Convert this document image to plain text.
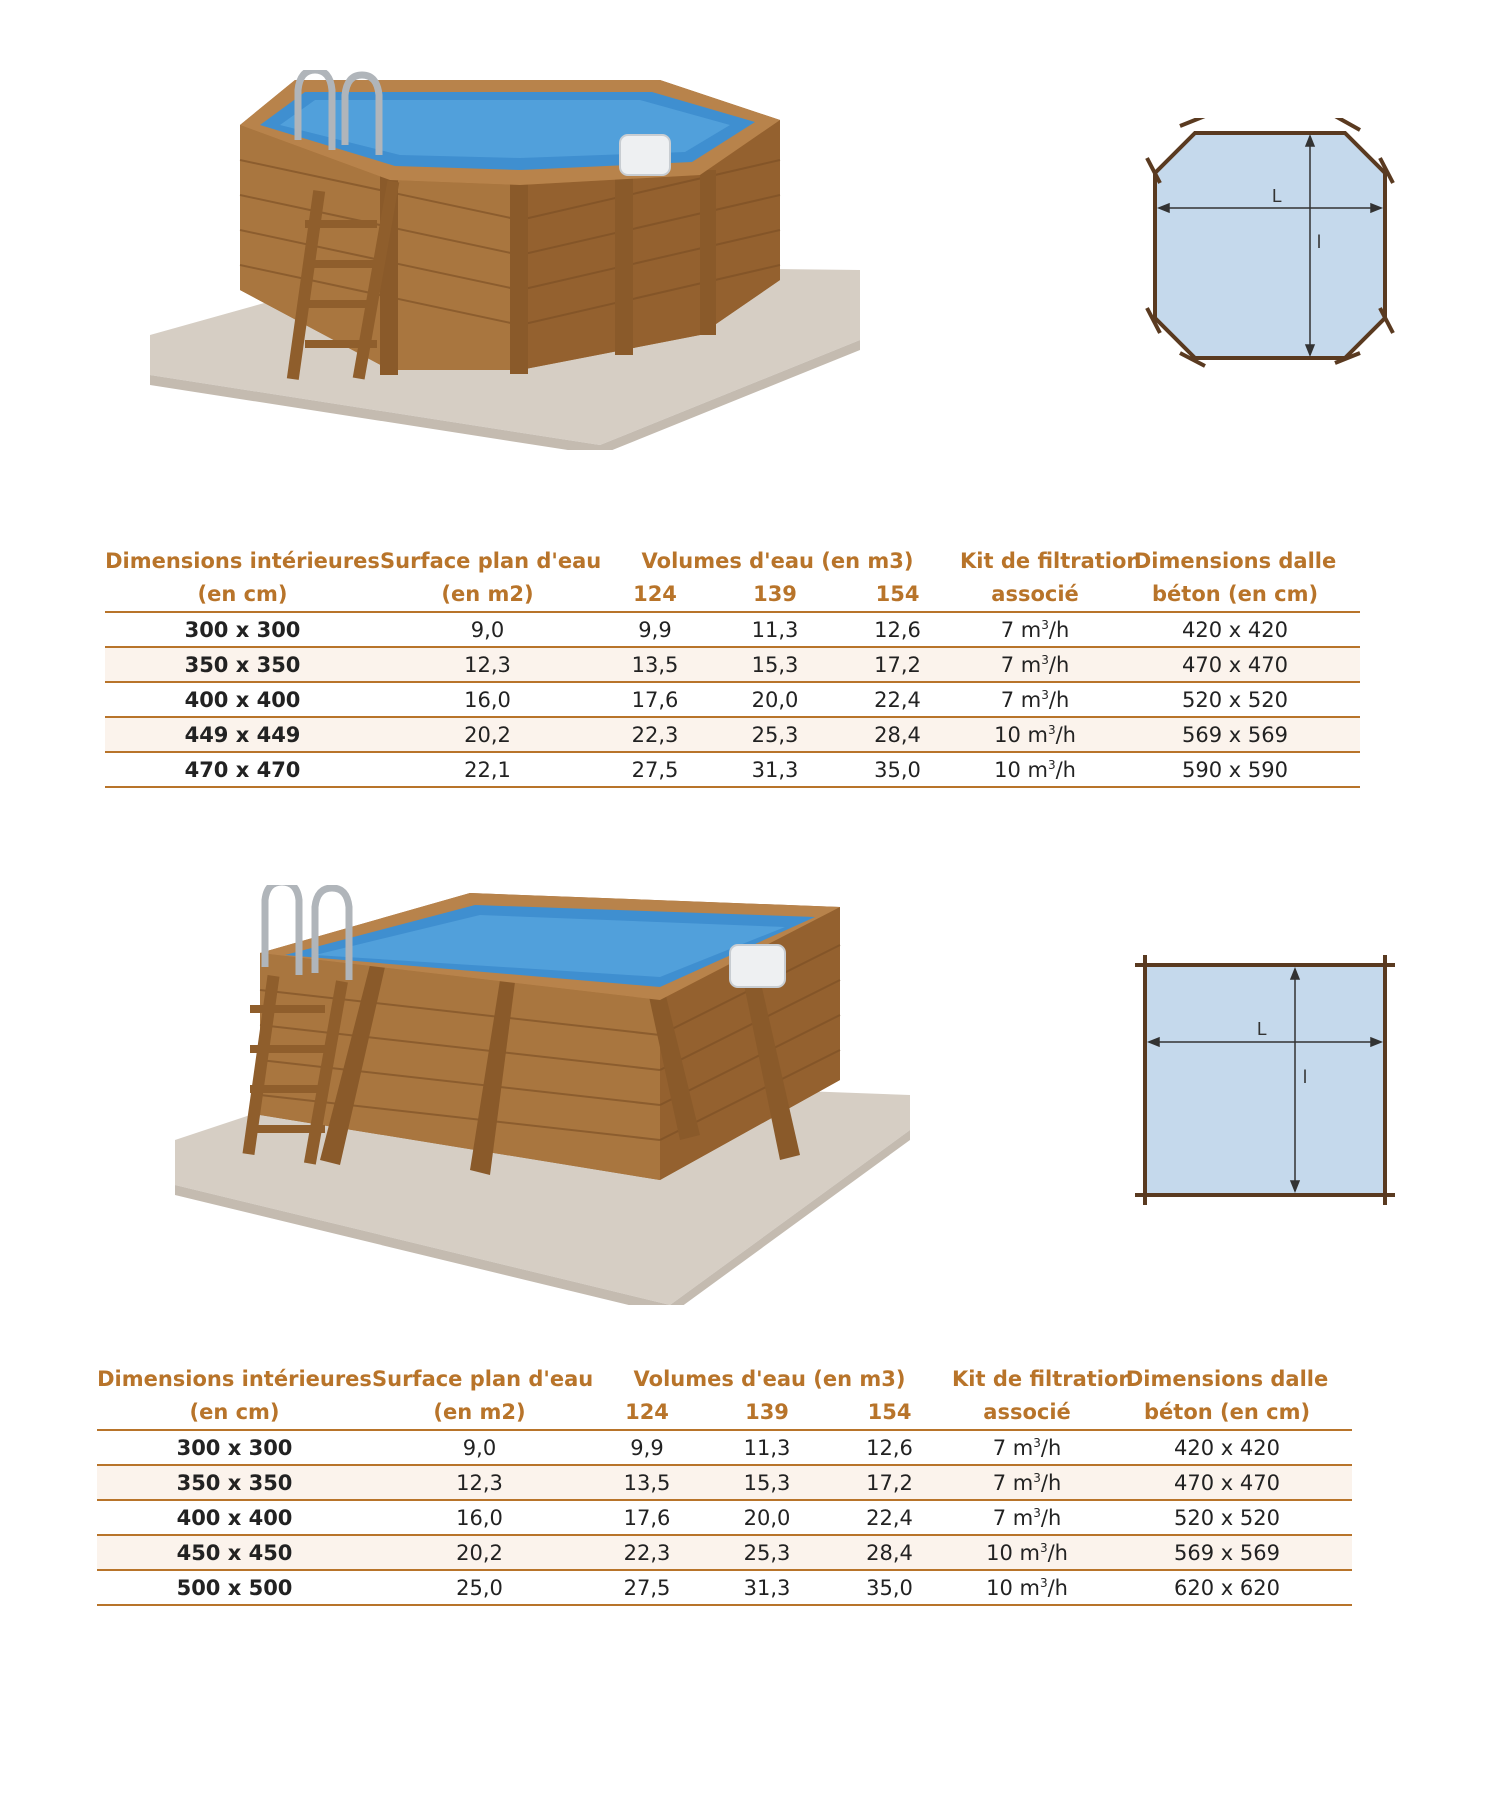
L
l
Dimensions intérieures	Surface plan d'eau	Volumes d'eau (en m3)			Kit de filtration	Dimensions dalle
(en cm)	(en m2)	124	139	154	associé	béton (en cm)
300 x 300	9,0	9,9	11,3	12,6	7 $m^3/h$	420 x 420
350 x 350	12,3	13,5	15,3	17,2	7 $m^3/h$	470 x 470
400 x 400	16,0	17,6	20,0	22,4	7 $m^3/h$	520 x 520
449 x 449	20,2	22,3	25,3	28,4	10 $m^3/h$	569 x 569
470 x 470	22,1	27,5	31,3	35,0	10 $m^3/h$	590 x 590
L
l
Dimensions intérieures	Surface plan d'eau	Volumes d'eau (en m3)			Kit de filtration	Dimensions dalle
(en cm)	(en m2)	124	139	154	associé	béton (en cm)
300 x 300	9,0	9,9	11,3	12,6	7 $m^3/h$	420 x 420
350 x 350	12,3	13,5	15,3	17,2	7 $m^3/h$	470 x 470
400 x 400	16,0	17,6	20,0	22,4	7 $m^3/h$	520 x 520
450 x 450	20,2	22,3	25,3	28,4	10 $m^3/h$	569 x 569
500 x 500	25,0	27,5	31,3	35,0	10 $m^3/h$	620 x 620
